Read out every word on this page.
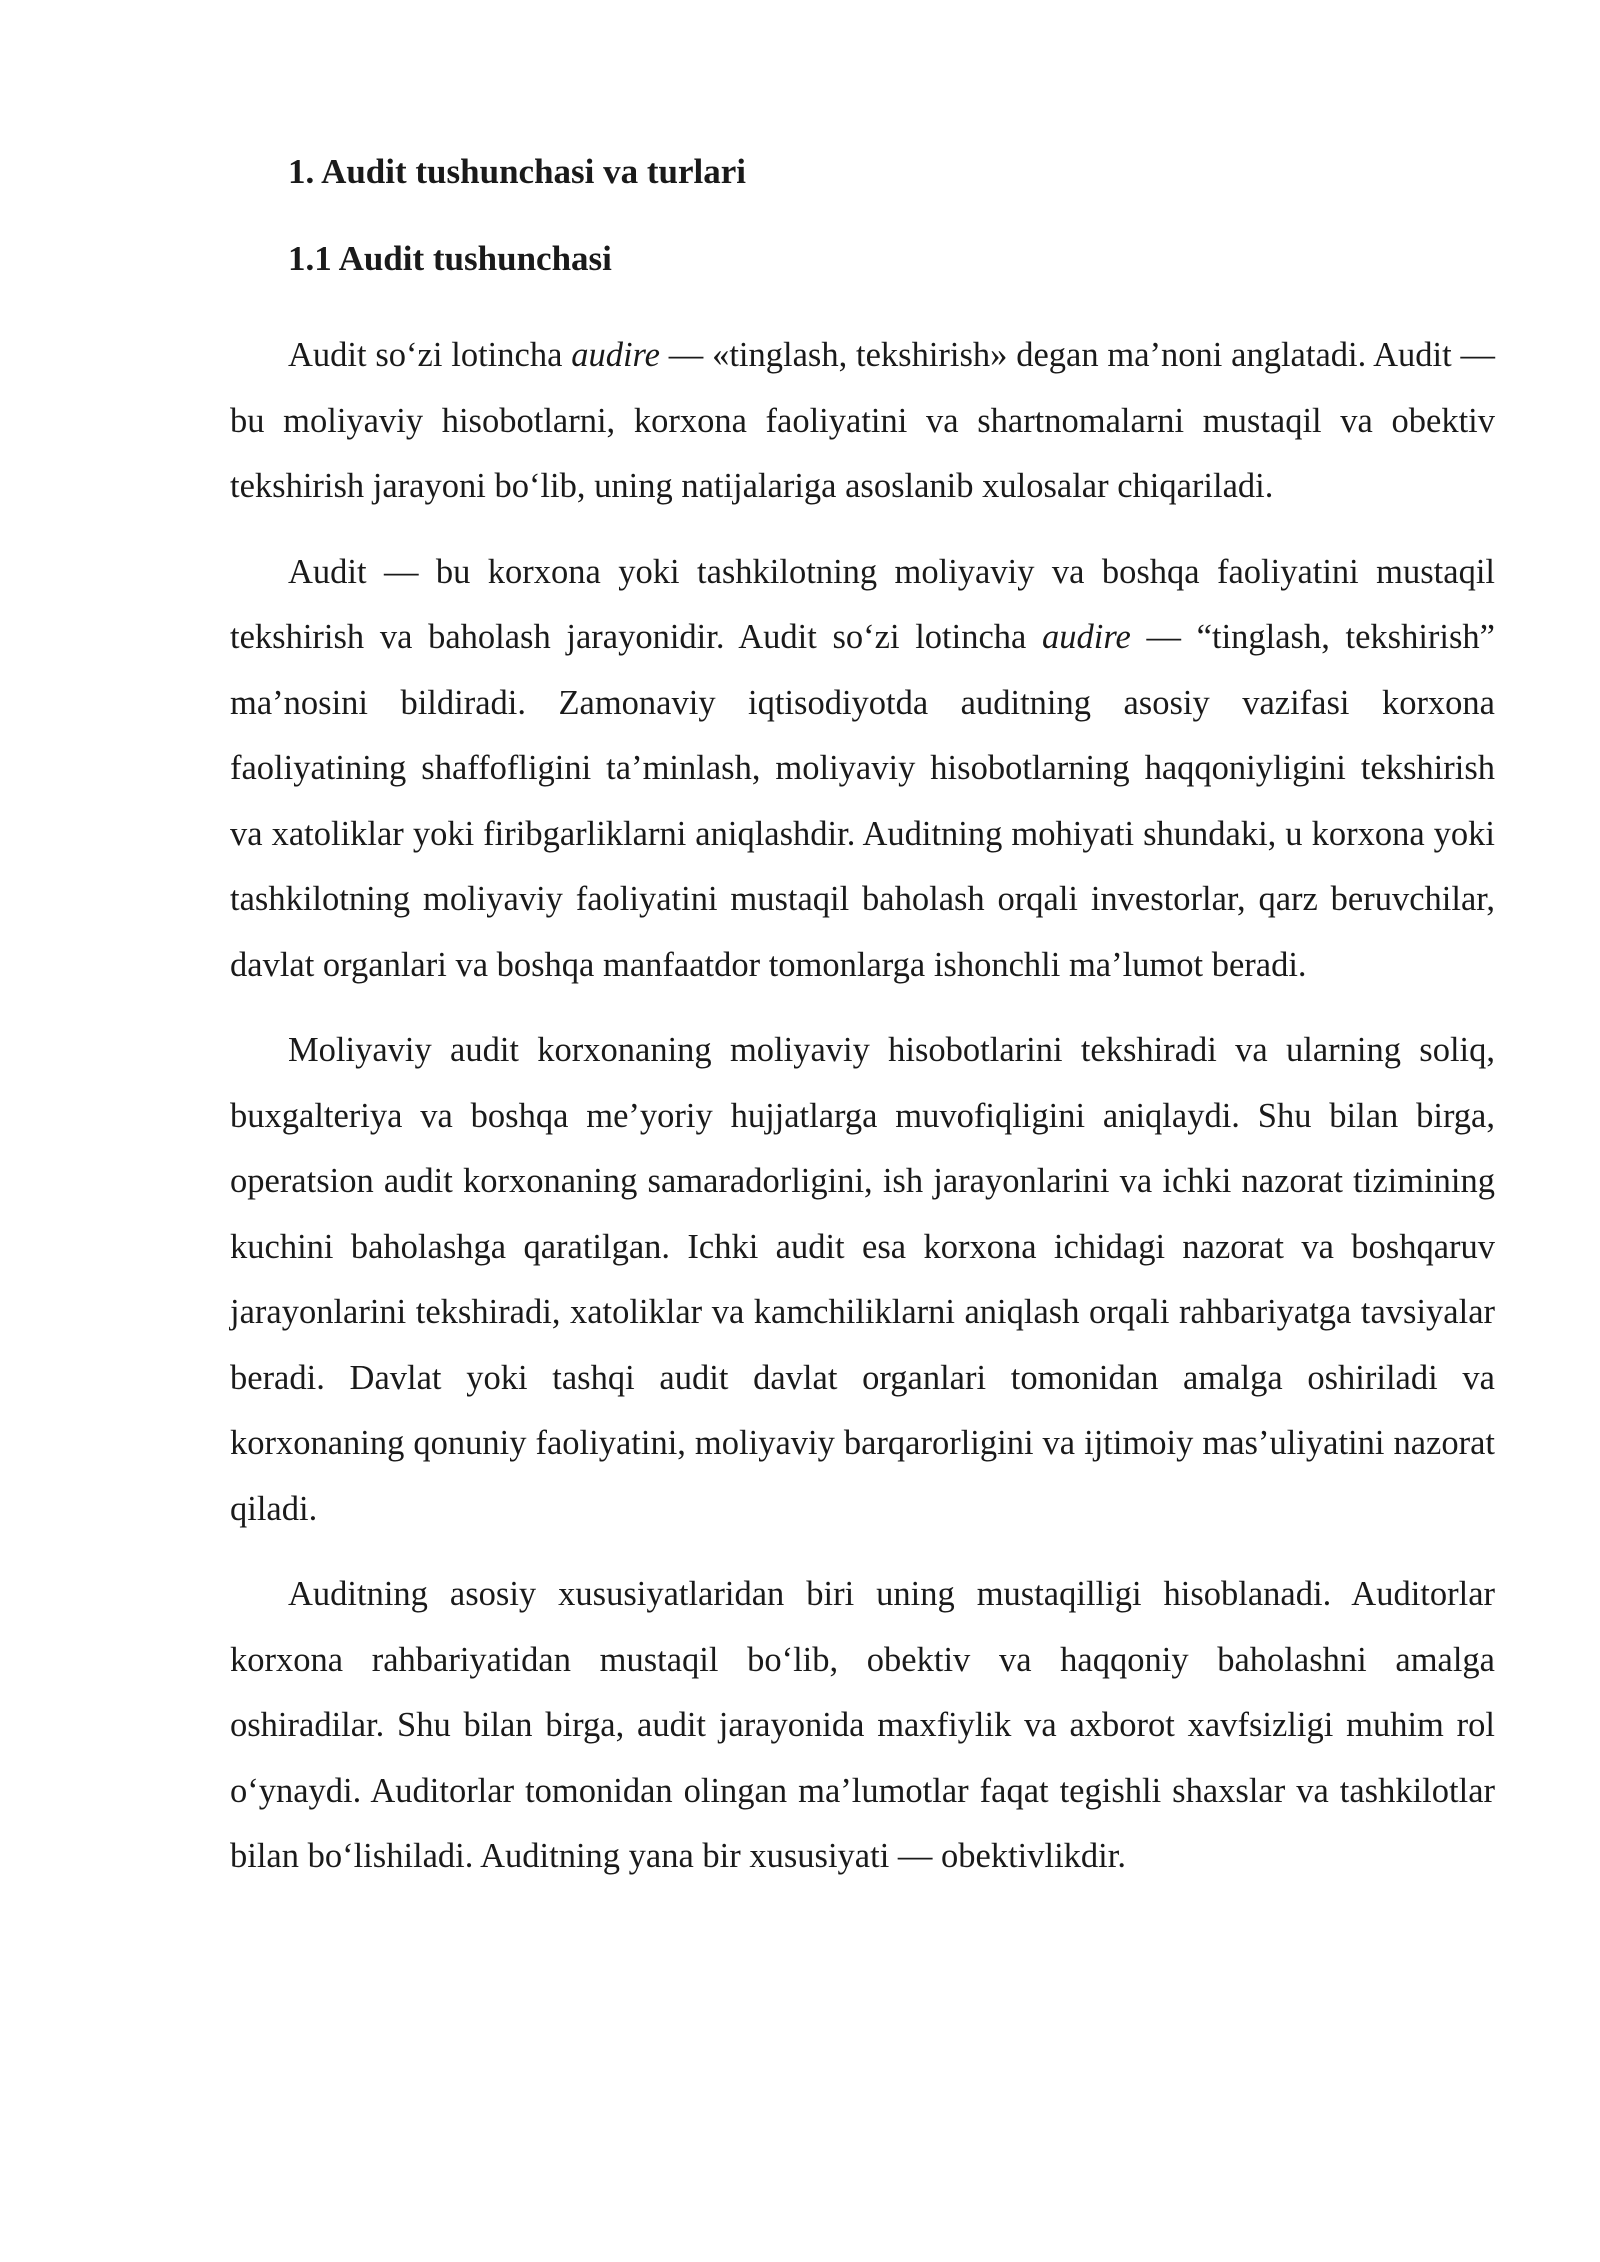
1. Audit tushunchasi va turlari
1.1 Audit tushunchasi

Audit so‘zi lotincha audire — «tinglash, tekshirish» degan ma’noni anglatadi. Audit — bu moliyaviy hisobotlarni, korxona faoliyatini va shartnomalarni mustaqil va obektiv tekshirish jarayoni bo‘lib, uning natijalariga asoslanib xulosalar chiqariladi.

Audit — bu korxona yoki tashkilotning moliyaviy va boshqa faoliyatini mustaqil tekshirish va baholash jarayonidir. Audit so‘zi lotincha audire — “tinglash, tekshirish” ma’nosini bildiradi. Zamonaviy iqtisodiyotda auditning asosiy vazifasi korxona faoliyatining shaffofligini ta’minlash, moliyaviy hisobotlarning haqqoniyligini tekshirish va xatoliklar yoki firibgarliklarni aniqlashdir. Auditning mohiyati shundaki, u korxona yoki tashkilotning moliyaviy faoliyatini mustaqil baholash orqali investorlar, qarz beruvchilar, davlat organlari va boshqa manfaatdor tomonlarga ishonchli ma’lumot beradi.

Moliyaviy audit korxonaning moliyaviy hisobotlarini tekshiradi va ularning soliq, buxgalteriya va boshqa me’yoriy hujjatlarga muvofiqligini aniqlaydi. Shu bilan birga, operatsion audit korxonaning samaradorligini, ish jarayonlarini va ichki nazorat tizimining kuchini baholashga qaratilgan. Ichki audit esa korxona ichidagi nazorat va boshqaruv jarayonlarini tekshiradi, xatoliklar va kamchiliklarni aniqlash orqali rahbariyatga tavsiyalar beradi. Davlat yoki tashqi audit davlat organlari tomonidan amalga oshiriladi va korxonaning qonuniy faoliyatini, moliyaviy barqarorligini va ijtimoiy mas’uliyatini nazorat qiladi.

Auditning asosiy xususiyatlaridan biri uning mustaqilligi hisoblanadi. Auditorlar korxona rahbariyatidan mustaqil bo‘lib, obektiv va haqqoniy baholashni amalga oshiradilar. Shu bilan birga, audit jarayonida maxfiylik va axborot xavfsizligi muhim rol o‘ynaydi. Auditorlar tomonidan olingan ma’lumotlar faqat tegishli shaxslar va tashkilotlar bilan bo‘lishiladi. Auditning yana bir xususiyati — obektivlikdir.
